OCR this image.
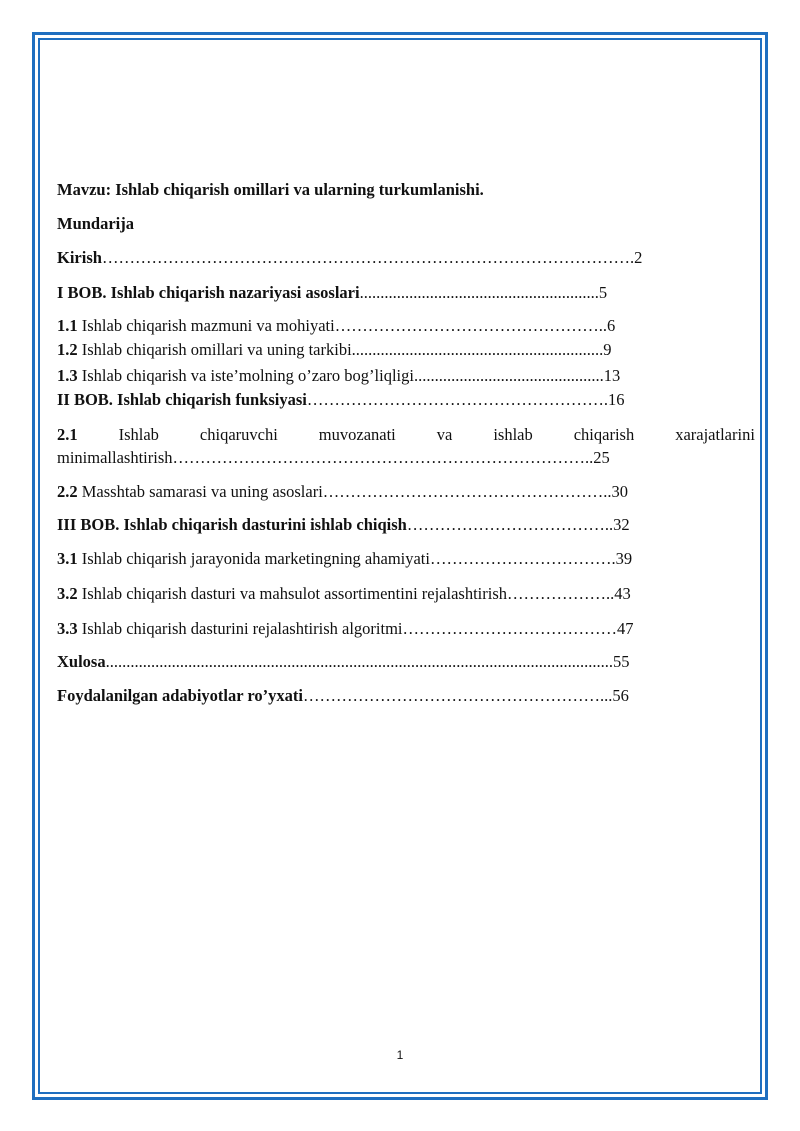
Mavzu: Ishlab chiqarish omillari va ularning turkumlanishi.
Mundarija
Kirish…………………………………………………………………………………….2
I BOB. Ishlab chiqarish nazariyasi asoslari..........................................................5
1.1 Ishlab chiqarish mazmuni va mohiyati…………………………………………..6
1.2 Ishlab chiqarish omillari va uning tarkibi.............................................................9
1.3 Ishlab chiqarish va iste’molning o’zaro bog’liqligi..............................................13
II BOB. Ishlab chiqarish funksiyasi……………………………………………….16
2.1 Ishlab chiqaruvchi muvozanati va ishlab chiqarish xarajatlarini
minimallashtirish…………………………………………………………………..25
2.2 Masshtab samarasi va uning asoslari……………………………………………..30
III BOB. Ishlab chiqarish dasturini ishlab chiqish………………………………..32
3.1 Ishlab chiqarish jarayonida marketingning ahamiyati…………………………….39
3.2 Ishlab chiqarish dasturi va mahsulot assortimentini rejalashtirish………………..43
3.3 Ishlab chiqarish dasturini rejalashtirish algoritmi…………………………………47
Xulosa...........................................................................................................................55
Foydalanilgan adabiyotlar ro’yxati………………………………………………...56
1
